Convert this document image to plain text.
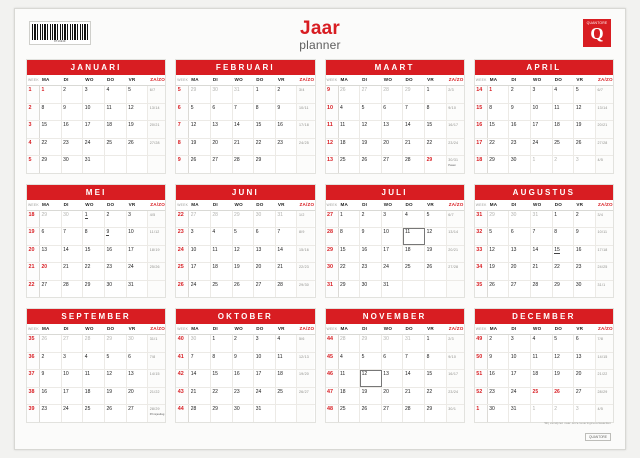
8713249
Jaar
planner
QUANTORE
Q
JANUARI
WEEK MA	DI	WO	DO	VR	ZA/ZO
1	1	2	3	4	5	6/7
2	8	9	10	11	12	13/14
3	15	16	17	18	19	20/21
4	22	23	24	25	26	27/28
5	29	30	31
FEBRUARI
WEEK MA	DI	WO	DO	VR	ZA/ZO
5	29	30	31	1	2	3/4
6	5	6	7	8	9	10/11
7	12	13	14	15	16	17/18
8	19	20	21	22	23	24/25
9	26	27	28	29
MAART
WEEK MA	DI	WO	DO	VR	ZA/ZO
9	26	27	28	29	1	2/3
10	4	5	6	7	8	9/10
11	11	12	13	14	15	16/17
12	18	19	20	21	22	23/24
13	25	26	27	28	29	30/31
Pasen
APRIL
WEEK MA	DI	WO	DO	VR	ZA/ZO
14	1	2	3	4	5	6/7
15	8	9	10	11	12	13/14
16	15	16	17	18	19	20/21
17	22	23	24	25	26	27/28
18	29	30	1	2	3	4/5
MEI
WEEK MA	DI	WO	DO	VR	ZA/ZO
18	29	30	1	2	3	4/5
19	6	7	8	9	10	11/12
20	13	14	15	16	17	18/19
21	20	21	22	23	24	25/26
22	27	28	29	30	31
JUNI
WEEK MA	DI	WO	DO	VR	ZA/ZO
22	27	28	29	30	31	1/2
23	3	4	5	6	7	8/9
24	10	11	12	13	14	15/16
25	17	18	19	20	21	22/23
26	24	25	26	27	28	29/30
JULI
WEEK MA	DI	WO	DO	VR	ZA/ZO
27	1	2	3	4	5	6/7
28	8	9	10	11	12	13/14
29	15	16	17	18	19	20/21
30	22	23	24	25	26	27/28
31	29	30	31
AUGUSTUS
WEEK MA	DI	WO	DO	VR	ZA/ZO
31	29	30	31	1	2	3/4
32	5	6	7	8	9	10/11
33	12	13	14	15	16	17/18
34	19	20	21	22	23	24/25
35	26	27	28	29	30	31/1
SEPTEMBER
WEEK MA	DI	WO	DO	VR	ZA/ZO
35	26	27	28	29	30	31/1
36	2	3	4	5	6	7/8
37	9	10	11	12	13	14/15
38	16	17	18	19	20	21/22
39	23	24	25	26	27	28/29
Prinsjesdag
OKTOBER
WEEK MA	DI	WO	DO	VR	ZA/ZO
40	30	1	2	3	4	5/6
41	7	8	9	10	11	12/13
42	14	15	16	17	18	19/20
43	21	22	23	24	25	26/27
44	28	29	30	31
NOVEMBER
WEEK MA	DI	WO	DO	VR	ZA/ZO
44	28	29	30	31	1	2/3
45	4	5	6	7	8	9/10
46	11	12	13	14	15	16/17
47	18	19	20	21	22	23/24
48	25	26	27	28	29	30/1
DECEMBER
WEEK MA	DI	WO	DO	VR	ZA/ZO
49	2	3	4	5	6	7/8
50	9	10	11	12	13	14/15
51	16	17	18	19	20	21/22
52	23	24	25	26	27	28/29
1	30	31	1	2	3	4/5
Wij verwijzen naar onze leveringsvoorwaarden
QUANTORE
